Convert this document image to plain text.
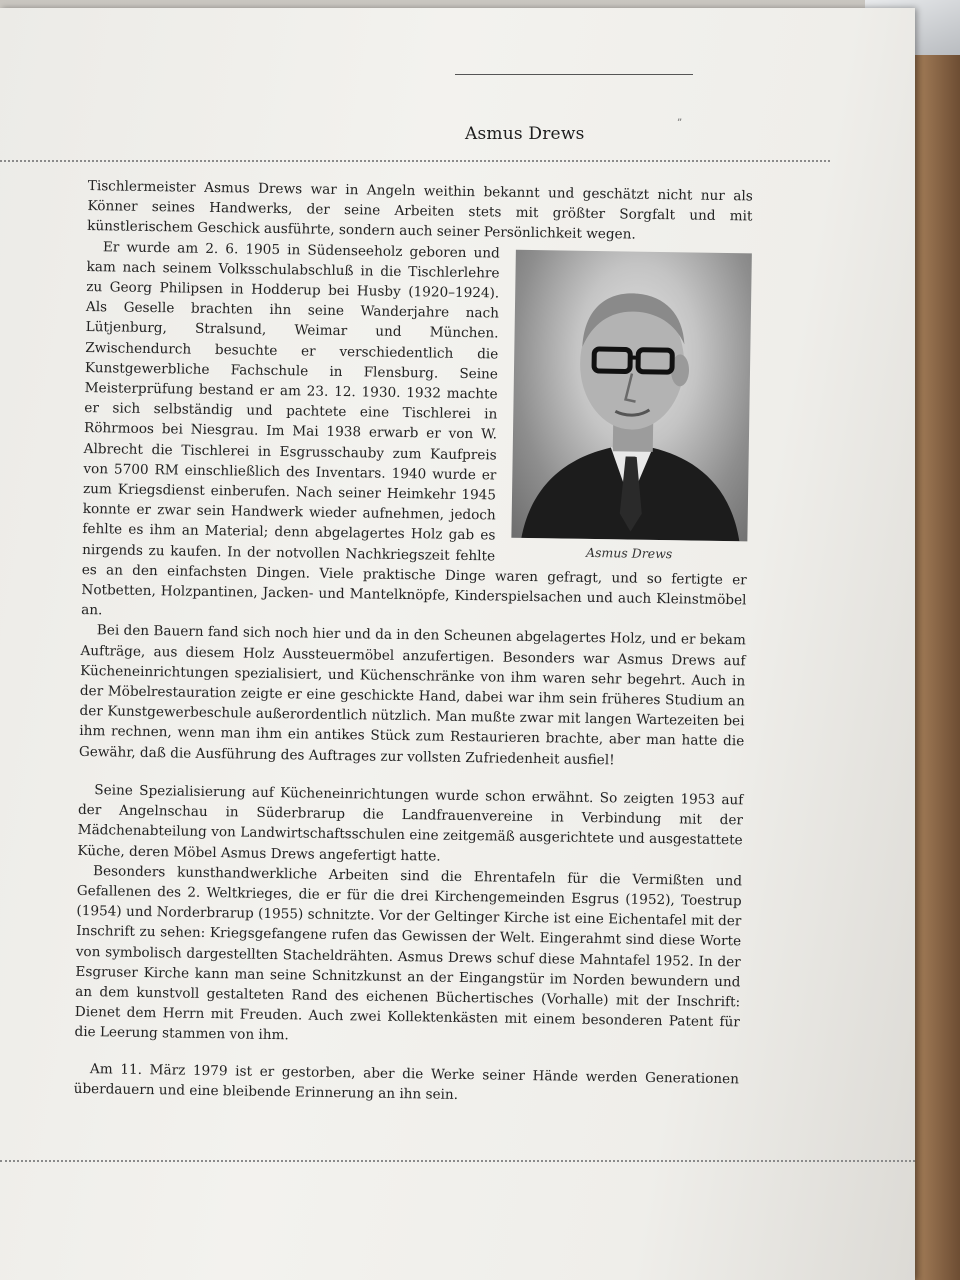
Asmus Drews
”

Tischlermeister Asmus Drews war in Angeln weithin bekannt und geschätzt nicht nur als Könner seines Handwerks, der seine Arbeiten stets mit größter Sorgfalt und mit künstlerischem Geschick ausführte, sondern auch seiner Persönlichkeit wegen.

Asmus Drews

Er wurde am 2. 6. 1905 in Südenseeholz geboren und kam nach seinem Volksschulabschluß in die Tischlerlehre zu Georg Philipsen in Hodderup bei Husby (1920–1924). Als Geselle brachten ihn seine Wanderjahre nach Lütjenburg, Stralsund, Weimar und München. Zwischendurch besuchte er verschiedentlich die Kunstgewerbliche Fachschule in Flensburg. Seine Meisterprüfung bestand er am 23. 12. 1930. 1932 machte er sich selbständig und pachtete eine Tischlerei in Röhrmoos bei Niesgrau. Im Mai 1938 erwarb er von W. Albrecht die Tischlerei in Esgrusschauby zum Kaufpreis von 5700 RM einschließlich des Inventars. 1940 wurde er zum Kriegsdienst einberufen. Nach seiner Heimkehr 1945 konnte er zwar sein Handwerk wieder aufnehmen, jedoch fehlte es ihm an Material; denn abgelagertes Holz gab es nirgends zu kaufen. In der notvollen Nachkriegszeit fehlte es an den einfachsten Dingen. Viele praktische Dinge waren gefragt, und so fertigte er Notbetten, Holzpantinen, Jacken- und Mantelknöpfe, Kinderspielsachen und auch Kleinstmöbel an.

Bei den Bauern fand sich noch hier und da in den Scheunen abgelagertes Holz, und er bekam Aufträge, aus diesem Holz Aussteuermöbel anzufertigen. Besonders war Asmus Drews auf Kücheneinrichtungen spezialisiert, und Küchenschränke von ihm waren sehr begehrt. Auch in der Möbelrestauration zeigte er eine geschickte Hand, dabei war ihm sein früheres Studium an der Kunstgewerbeschule außerordentlich nützlich. Man mußte zwar mit langen Wartezeiten bei ihm rechnen, wenn man ihm ein antikes Stück zum Restaurieren brachte, aber man hatte die Gewähr, daß die Ausführung des Auftrages zur vollsten Zufriedenheit ausfiel!

Seine Spezialisierung auf Kücheneinrichtungen wurde schon erwähnt. So zeigten 1953 auf der Angelnschau in Süderbrarup die Landfrauenvereine in Verbindung mit der Mädchenabteilung von Landwirtschaftsschulen eine zeitgemäß ausgerichtete und ausgestattete Küche, deren Möbel Asmus Drews angefertigt hatte.

Besonders kunsthandwerkliche Arbeiten sind die Ehrentafeln für die Vermißten und Gefallenen des 2. Weltkrieges, die er für die drei Kirchengemeinden Esgrus (1952), Toestrup (1954) und Norderbrarup (1955) schnitzte. Vor der Geltinger Kirche ist eine Eichentafel mit der Inschrift zu sehen: Kriegsgefangene rufen das Gewissen der Welt. Eingerahmt sind diese Worte von symbolisch dargestellten Stacheldrähten. Asmus Drews schuf diese Mahntafel 1952. In der Esgruser Kirche kann man seine Schnitzkunst an der Eingangstür im Norden bewundern und an dem kunstvoll gestalteten Rand des eichenen Büchertisches (Vorhalle) mit der Inschrift: Dienet dem Herrn mit Freuden. Auch zwei Kollektenkästen mit einem besonderen Patent für die Leerung stammen von ihm.

Am 11. März 1979 ist er gestorben, aber die Werke seiner Hände werden Generationen überdauern und eine bleibende Erinnerung an ihn sein.
